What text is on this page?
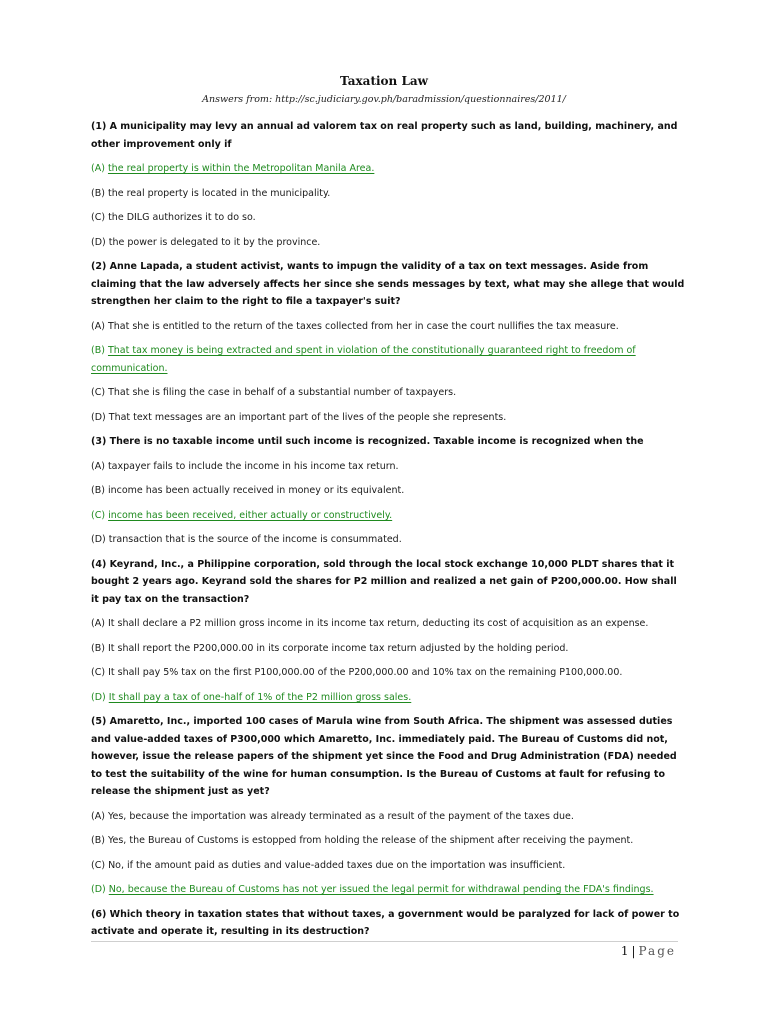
Taxation Law
Answers from: http://sc.judiciary.gov.ph/baradmission/questionnaires/2011/

(1) A municipality may levy an annual ad valorem tax on real property such as land, building, machinery, and other improvement only if

(A) the real property is within the Metropolitan Manila Area.

(B) the real property is located in the municipality.

(C) the DILG authorizes it to do so.

(D) the power is delegated to it by the province.

(2) Anne Lapada, a student activist, wants to impugn the validity of a tax on text messages. Aside from claiming that the law adversely affects her since she sends messages by text, what may she allege that would strengthen her claim to the right to file a taxpayer's suit?

(A) That she is entitled to the return of the taxes collected from her in case the court nullifies the tax measure.

(B) That tax money is being extracted and spent in violation of the constitutionally guaranteed right to freedom of communication.

(C) That she is filing the case in behalf of a substantial number of taxpayers.

(D) That text messages are an important part of the lives of the people she represents.

(3) There is no taxable income until such income is recognized. Taxable income is recognized when the

(A) taxpayer fails to include the income in his income tax return.

(B) income has been actually received in money or its equivalent.

(C) income has been received, either actually or constructively.

(D) transaction that is the source of the income is consummated.

(4) Keyrand, Inc., a Philippine corporation, sold through the local stock exchange 10,000 PLDT shares that it bought 2 years ago. Keyrand sold the shares for P2 million and realized a net gain of P200,000.00. How shall it pay tax on the transaction?

(A) It shall declare a P2 million gross income in its income tax return, deducting its cost of acquisition as an expense.

(B) It shall report the P200,000.00 in its corporate income tax return adjusted by the holding period.

(C) It shall pay 5% tax on the first P100,000.00 of the P200,000.00 and 10% tax on the remaining P100,000.00.

(D) It shall pay a tax of one-half of 1% of the P2 million gross sales.

(5) Amaretto, Inc., imported 100 cases of Marula wine from South Africa. The shipment was assessed duties and value-added taxes of P300,000 which Amaretto, Inc. immediately paid. The Bureau of Customs did not, however, issue the release papers of the shipment yet since the Food and Drug Administration (FDA) needed to test the suitability of the wine for human consumption. Is the Bureau of Customs at fault for refusing to release the shipment just as yet?

(A) Yes, because the importation was already terminated as a result of the payment of the taxes due.

(B) Yes, the Bureau of Customs is estopped from holding the release of the shipment after receiving the payment.

(C) No, if the amount paid as duties and value-added taxes due on the importation was insufficient.

(D) No, because the Bureau of Customs has not yer issued the legal permit for withdrawal pending the FDA's findings.

(6) Which theory in taxation states that without taxes, a government would be paralyzed for lack of power to activate and operate it, resulting in its destruction?

1 | Page
